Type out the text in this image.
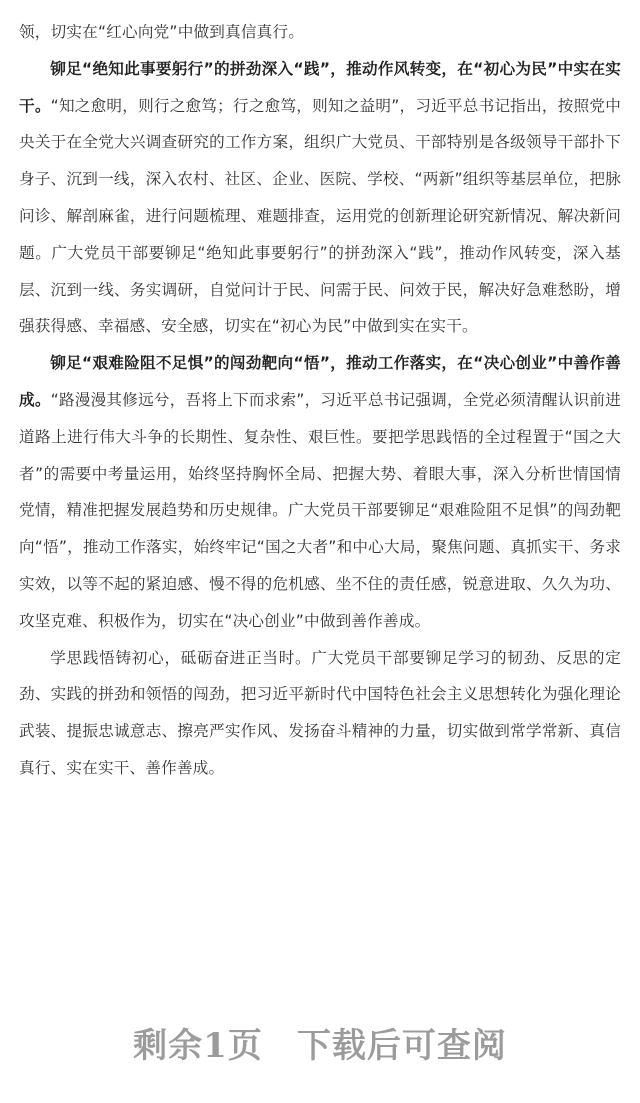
领，切实在“红心向党”中做到真信真行。

铆足“绝知此事要躬行”的拼劲深入“践”，推动作风转变，在“初心为民”中实在实干。“知之愈明，则行之愈笃；行之愈笃，则知之益明”，习近平总书记指出，按照党中央关于在全党大兴调查研究的工作方案，组织广大党员、干部特别是各级领导干部扑下身子、沉到一线，深入农村、社区、企业、医院、学校、“两新”组织等基层单位，把脉问诊、解剖麻雀，进行问题梳理、难题排查，运用党的创新理论研究新情况、解决新问题。广大党员干部要铆足“绝知此事要躬行”的拼劲深入“践”，推动作风转变，深入基层、沉到一线、务实调研，自觉问计于民、问需于民、问效于民，解决好急难愁盼，增强获得感、幸福感、安全感，切实在“初心为民”中做到实在实干。

铆足“艰难险阻不足惧”的闯劲靶向“悟”，推动工作落实，在“决心创业”中善作善成。“路漫漫其修远兮，吾将上下而求索”，习近平总书记强调，全党必须清醒认识前进道路上进行伟大斗争的长期性、复杂性、艰巨性。要把学思践悟的全过程置于“国之大者”的需要中考量运用，始终坚持胸怀全局、把握大势、着眼大事，深入分析世情国情党情，精准把握发展趋势和历史规律。广大党员干部要铆足“艰难险阻不足惧”的闯劲靶向“悟”，推动工作落实，始终牢记“国之大者”和中心大局，聚焦问题、真抓实干、务求实效，以等不起的紧迫感、慢不得的危机感、坐不住的责任感，锐意进取、久久为功、攻坚克难、积极作为，切实在“决心创业”中做到善作善成。

学思践悟铸初心，砥砺奋进正当时。广大党员干部要铆足学习的韧劲、反思的定劲、实践的拼劲和领悟的闯劲，把习近平新时代中国特色社会主义思想转化为强化理论武装、提振忠诚意志、擦亮严实作风、发扬奋斗精神的力量，切实做到常学常新、真信真行、实在实干、善作善成。

剩余1页 下载后可查阅
